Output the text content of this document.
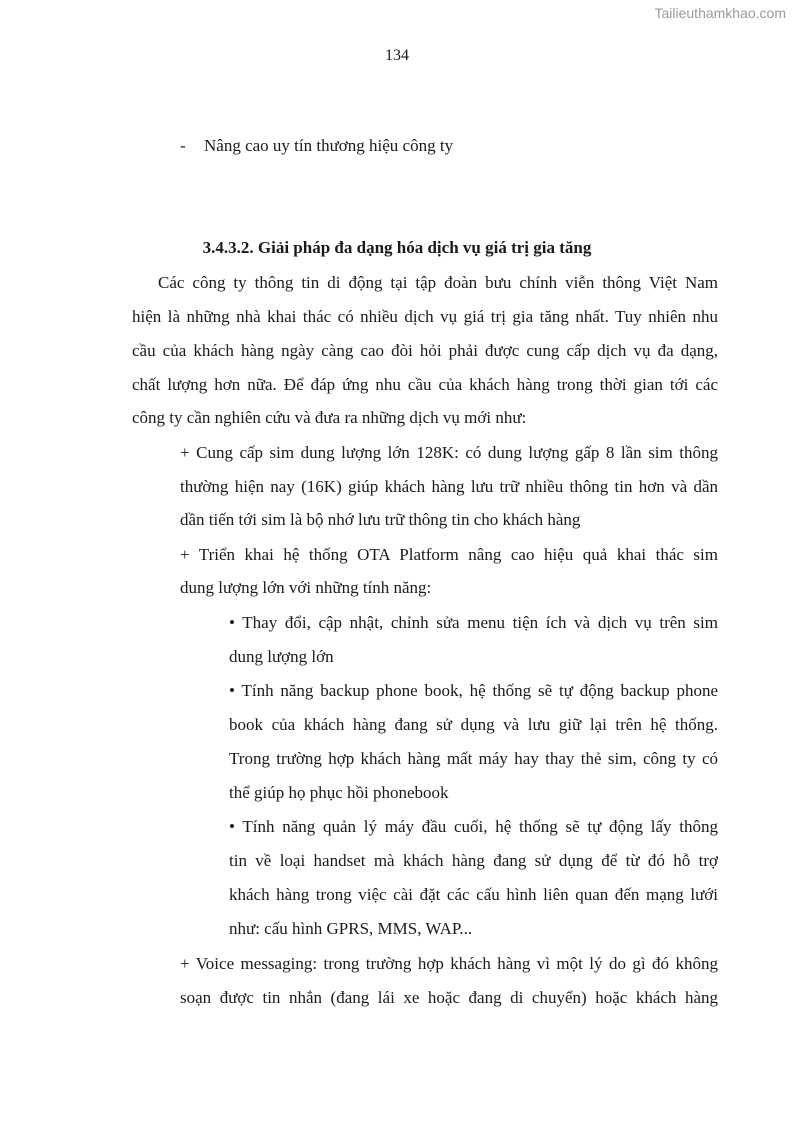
Tailieuthamkhao.com
134
- Nâng cao uy tín thương hiệu công ty
3.4.3.2. Giải pháp đa dạng hóa dịch vụ giá trị gia tăng
Các công ty thông tin di động tại tập đoàn bưu chính viễn thông Việt Nam
hiện là những nhà khai thác có nhiều dịch vụ giá trị gia tăng nhất. Tuy nhiên nhu
cầu của khách hàng ngày càng cao đòi hỏi phải được cung cấp dịch vụ đa dạng,
chất lượng hơn nữa. Để đáp ứng nhu cầu của khách hàng trong thời gian tới các
công ty cần nghiên cứu và đưa ra những dịch vụ mới như:
+ Cung cấp sim dung lượng lớn 128K: có dung lượng gấp 8 lần sim thông
thường hiện nay (16K) giúp khách hàng lưu trữ nhiều thông tin hơn và dần
dần tiến tới sim là bộ nhớ lưu trữ thông tin cho khách hàng
+ Triển khai hệ thống OTA Platform nâng cao hiệu quả khai thác sim
dung lượng lớn với những tính năng:
• Thay đổi, cập nhật, chỉnh sửa menu tiện ích và dịch vụ trên sim
dung lượng lớn
• Tính năng backup phone book, hệ thống sẽ tự động backup phone
book của khách hàng đang sử dụng và lưu giữ lại trên hệ thống.
Trong trường hợp khách hàng mất máy hay thay thẻ sim, công ty có
thể giúp họ phục hồi phonebook
• Tính năng quản lý máy đầu cuối, hệ thống sẽ tự động lấy thông
tin về loại handset mà khách hàng đang sử dụng để từ đó hỗ trợ
khách hàng trong việc cài đặt các cấu hình liên quan đến mạng lưới
như: cấu hình GPRS, MMS, WAP...
+ Voice messaging: trong trường hợp khách hàng vì một lý do gì đó không
soạn được tin nhắn (đang lái xe hoặc đang di chuyển) hoặc khách hàng
